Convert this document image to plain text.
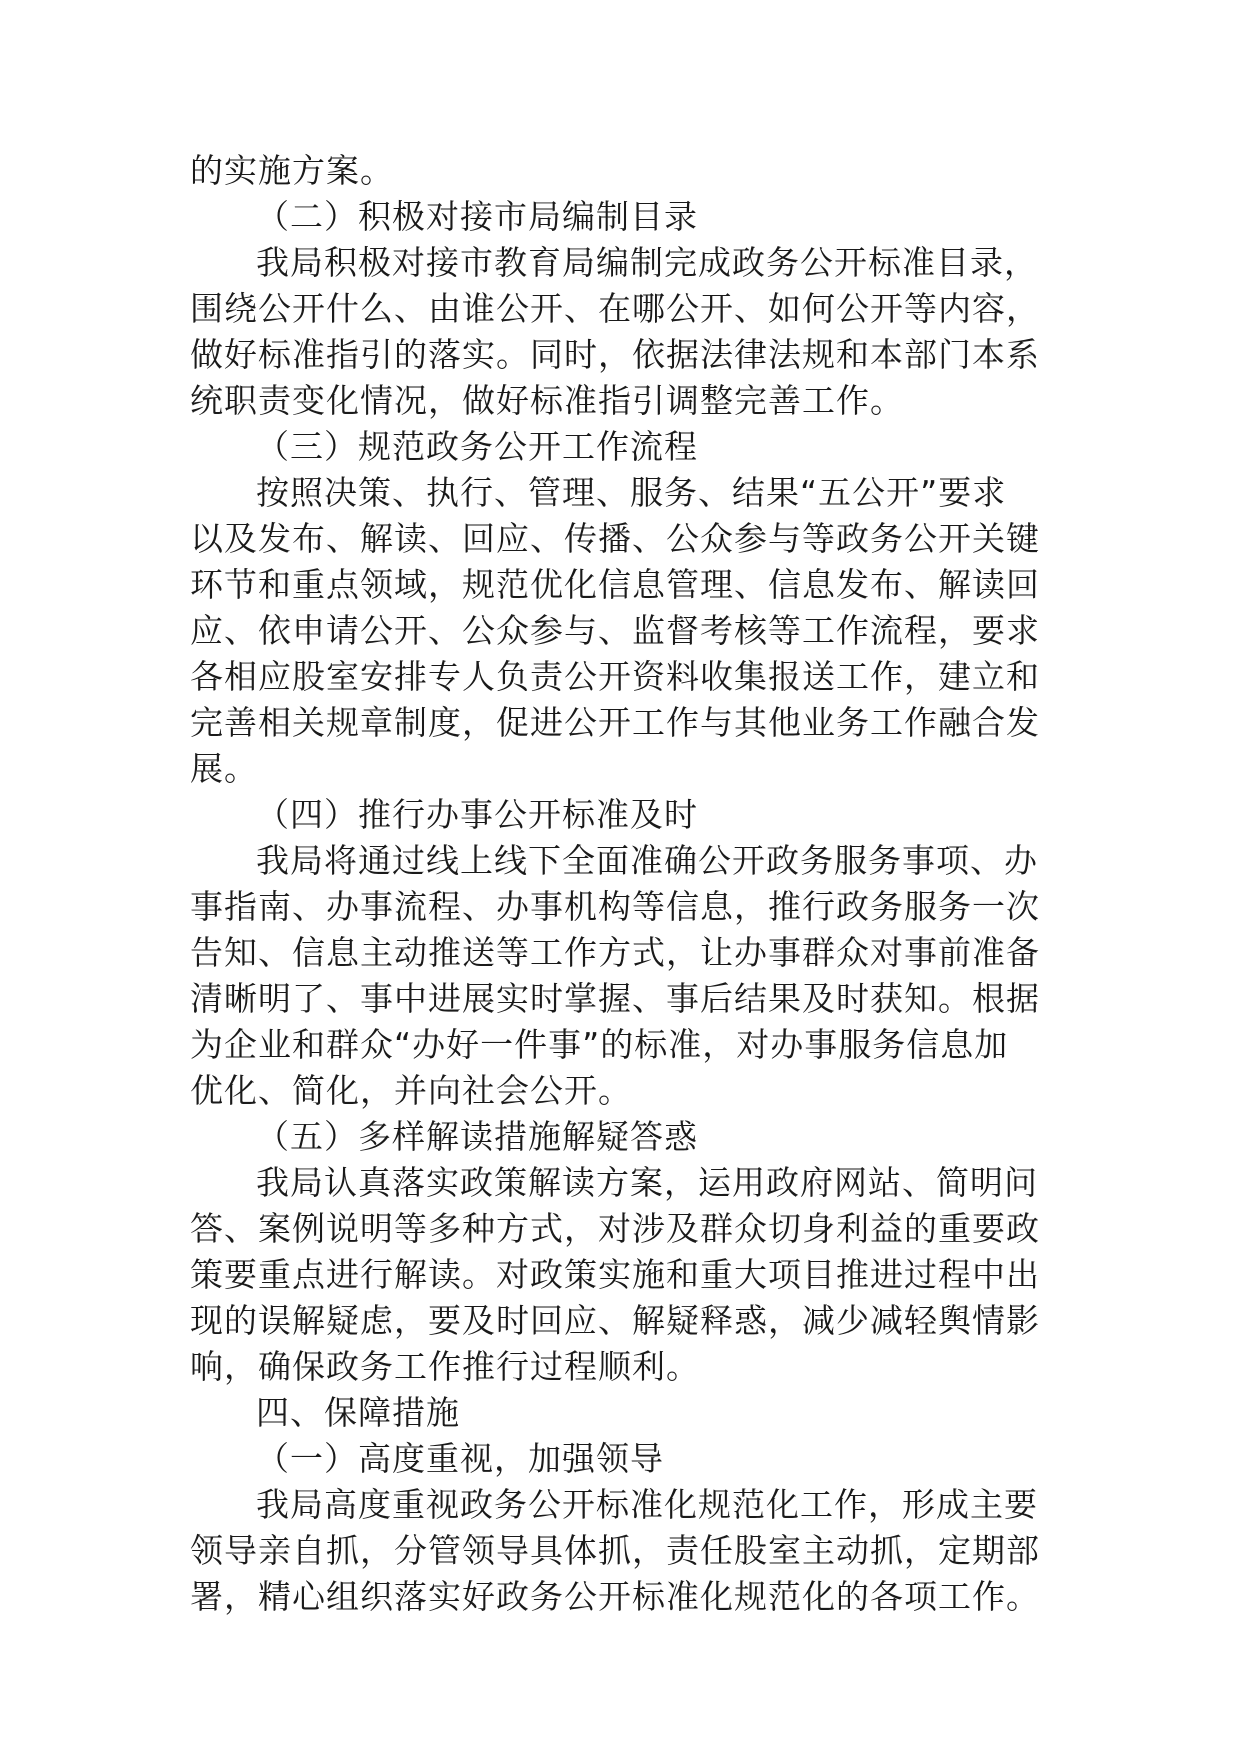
的实施方案。
（二）积极对接市局编制目录
我局积极对接市教育局编制完成政务公开标准目录，
围绕公开什么、由谁公开、在哪公开、如何公开等内容，
做好标准指引的落实。同时，依据法律法规和本部门本系
统职责变化情况，做好标准指引调整完善工作。
（三）规范政务公开工作流程
按照决策、执行、管理、服务、结果“五公开”要求
以及发布、解读、回应、传播、公众参与等政务公开关键
环节和重点领域，规范优化信息管理、信息发布、解读回
应、依申请公开、公众参与、监督考核等工作流程，要求
各相应股室安排专人负责公开资料收集报送工作，建立和
完善相关规章制度，促进公开工作与其他业务工作融合发
展。
（四）推行办事公开标准及时
我局将通过线上线下全面准确公开政务服务事项、办
事指南、办事流程、办事机构等信息，推行政务服务一次
告知、信息主动推送等工作方式，让办事群众对事前准备
清晰明了、事中进展实时掌握、事后结果及时获知。根据
为企业和群众“办好一件事”的标准，对办事服务信息加
优化、简化，并向社会公开。
（五）多样解读措施解疑答惑
我局认真落实政策解读方案，运用政府网站、简明问
答、案例说明等多种方式，对涉及群众切身利益的重要政
策要重点进行解读。对政策实施和重大项目推进过程中出
现的误解疑虑，要及时回应、解疑释惑，减少减轻舆情影
响，确保政务工作推行过程顺利。
四、保障措施
（一）高度重视，加强领导
我局高度重视政务公开标准化规范化工作，形成主要
领导亲自抓，分管领导具体抓，责任股室主动抓，定期部
署，精心组织落实好政务公开标准化规范化的各项工作。
